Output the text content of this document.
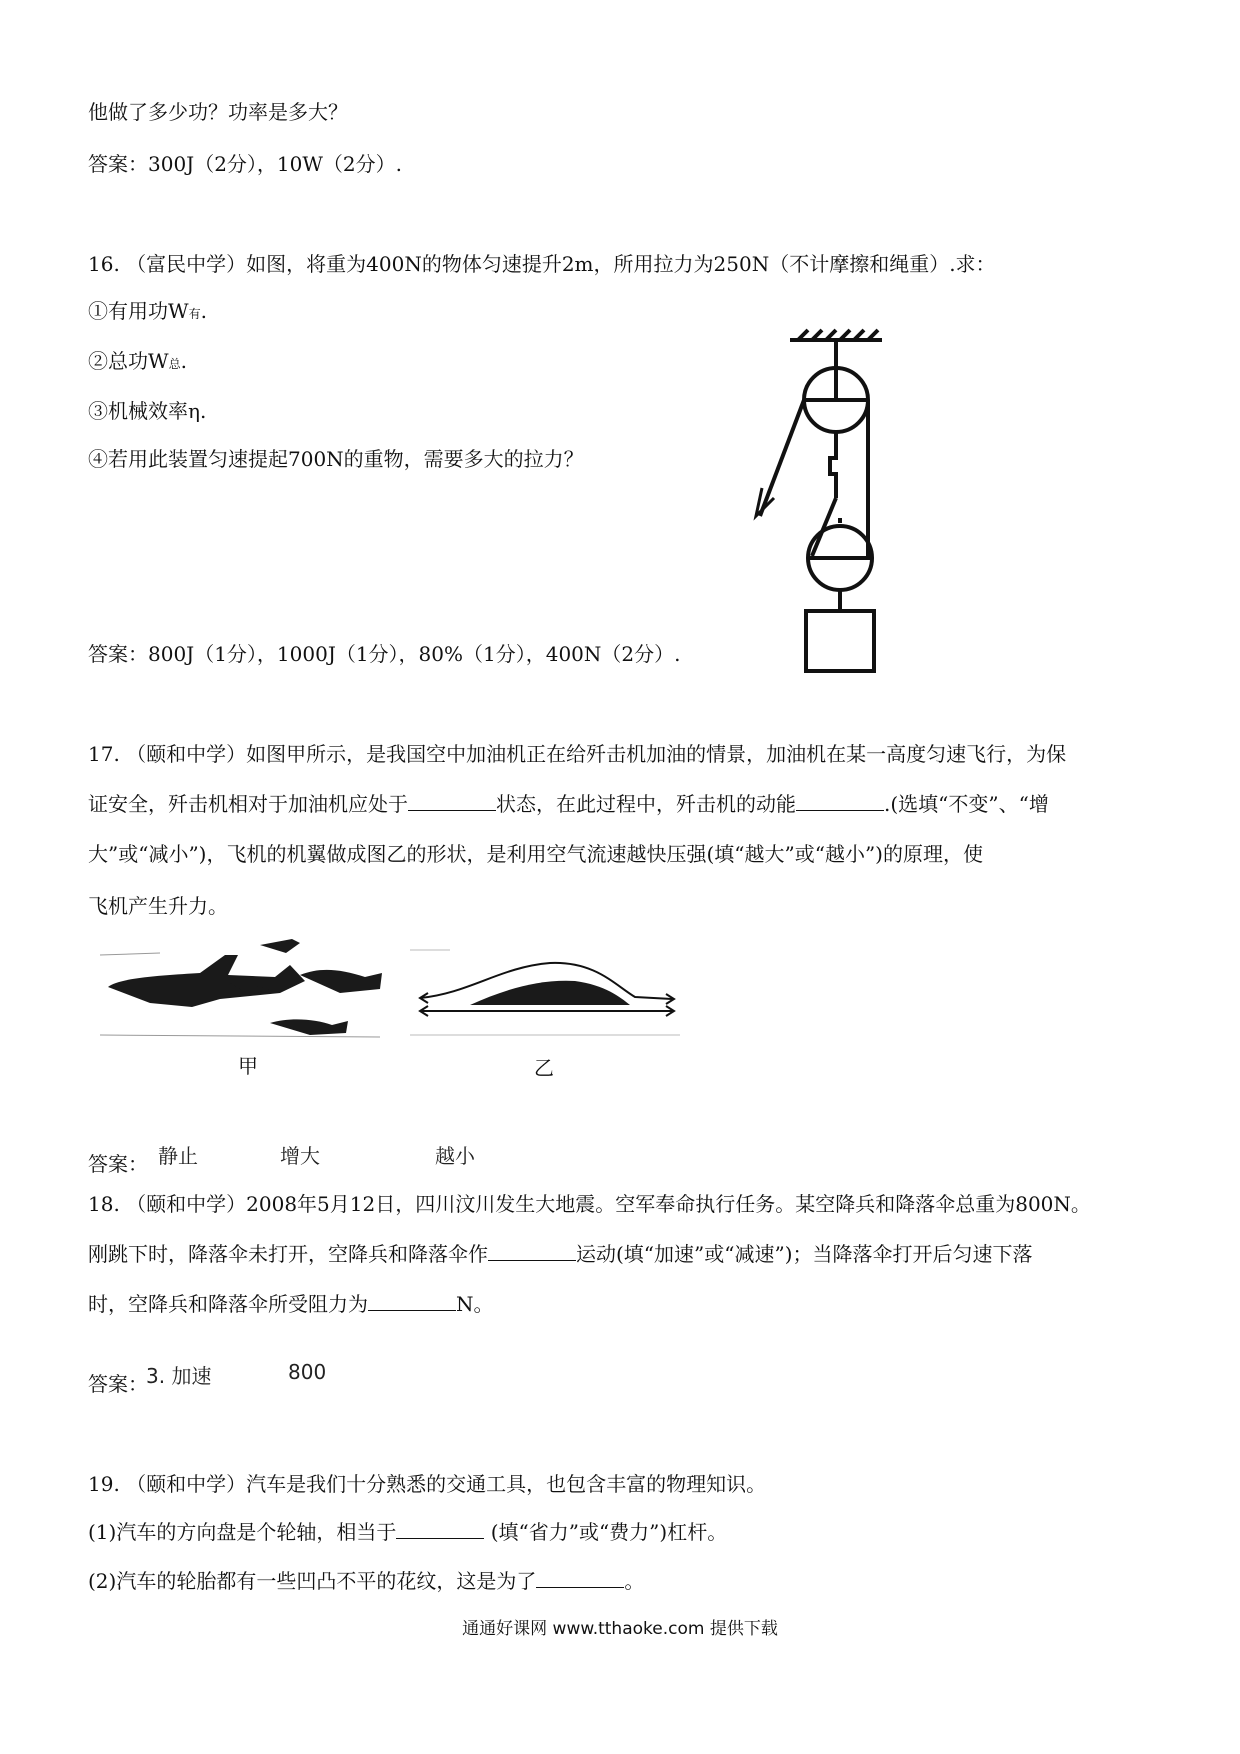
他做了多少功？功率是多大？
答案：300J（2分），10W（2分）.
16. （富民中学）如图，将重为400N的物体匀速提升2m，所用拉力为250N（不计摩擦和绳重）.求：
①有用功W有.
②总功W总.
③机械效率η.
④若用此装置匀速提起700N的重物，需要多大的拉力？
答案：800J（1分），1000J（1分），80%（1分），400N（2分）.
17. （颐和中学）如图甲所示，是我国空中加油机正在给歼击机加油的情景，加油机在某一高度匀速飞行，为保
证安全，歼击机相对于加油机应处于	状态，在此过程中，歼击机的动能	.(选填“不变”、“增
大”或“减小”)，飞机的机翼做成图乙的形状，是利用空气流速越快压强(填“越大”或“越小”)的原理，使
飞机产生升力。
甲	乙
答案： 静止	增大	越小
18. （颐和中学）2008年5月12日，四川汶川发生大地震。空军奉命执行任务。某空降兵和降落伞总重为800N。
刚跳下时，降落伞未打开，空降兵和降落伞作	运动(填“加速”或“减速”)；当降落伞打开后匀速下落
时，空降兵和降落伞所受阻力为	N。
答案：
3. 加速	800
19. （颐和中学）汽车是我们十分熟悉的交通工具，也包含丰富的物理知识。
(1)汽车的方向盘是个轮轴，相当于	(填“省力”或“费力”)杠杆。
(2)汽车的轮胎都有一些凹凸不平的花纹，这是为了	。
通通好课网 www.tthaoke.com 提供下载
